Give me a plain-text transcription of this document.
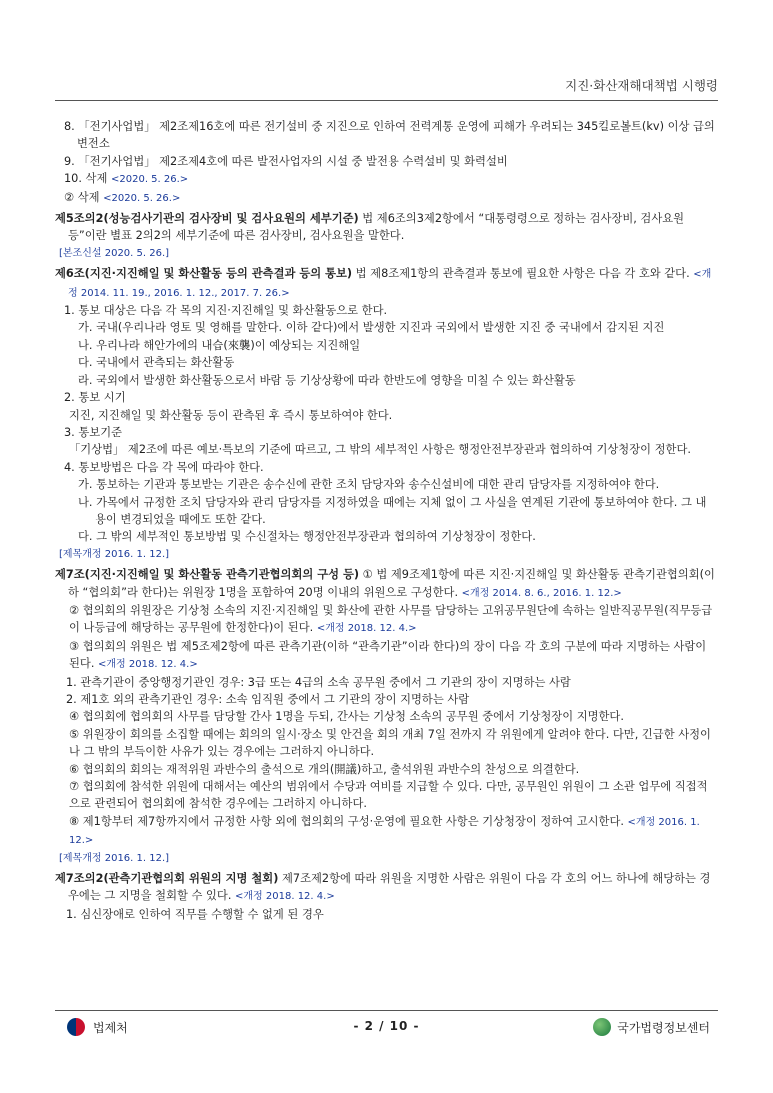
지진·화산재해대책법 시행령

8. 「전기사업법」 제2조제16호에 따른 전기설비 중 지진으로 인하여 전력계통 운영에 피해가 우려되는 345킬로볼트(kv) 이상 급의 변전소

9. 「전기사업법」 제2조제4호에 따른 발전사업자의 시설 중 발전용 수력설비 및 화력설비

10. 삭제 <2020. 5. 26.>

② 삭제 <2020. 5. 26.>

제5조의2(성능검사기관의 검사장비 및 검사요원의 세부기준) 법 제6조의3제2항에서 “대통령령으로 정하는 검사장비, 검사요원 등”이란 별표 2의2의 세부기준에 따른 검사장비, 검사요원을 말한다.

[본조신설 2020. 5. 26.]

제6조(지진·지진해일 및 화산활동 등의 관측결과 등의 통보) 법 제8조제1항의 관측결과 통보에 필요한 사항은 다음 각 호와 같다. <개정 2014. 11. 19., 2016. 1. 12., 2017. 7. 26.>

1. 통보 대상은 다음 각 목의 지진·지진해일 및 화산활동으로 한다.

가. 국내(우리나라 영토 및 영해를 말한다. 이하 같다)에서 발생한 지진과 국외에서 발생한 지진 중 국내에서 감지된 지진

나. 우리나라 해안가에의 내습(來襲)이 예상되는 지진해일

다. 국내에서 관측되는 화산활동

라. 국외에서 발생한 화산활동으로서 바람 등 기상상황에 따라 한반도에 영향을 미칠 수 있는 화산활동

2. 통보 시기

지진, 지진해일 및 화산활동 등이 관측된 후 즉시 통보하여야 한다.

3. 통보기준

「기상법」 제2조에 따른 예보·특보의 기준에 따르고, 그 밖의 세부적인 사항은 행정안전부장관과 협의하여 기상청장이 정한다.

4. 통보방법은 다음 각 목에 따라야 한다.

가. 통보하는 기관과 통보받는 기관은 송수신에 관한 조치 담당자와 송수신설비에 대한 관리 담당자를 지정하여야 한다.

나. 가목에서 규정한 조치 담당자와 관리 담당자를 지정하였을 때에는 지체 없이 그 사실을 연계된 기관에 통보하여야 한다. 그 내용이 변경되었을 때에도 또한 같다.

다. 그 밖의 세부적인 통보방법 및 수신절차는 행정안전부장관과 협의하여 기상청장이 정한다.

[제목개정 2016. 1. 12.]

제7조(지진·지진해일 및 화산활동 관측기관협의회의 구성 등) ① 법 제9조제1항에 따른 지진·지진해일 및 화산활동 관측기관협의회(이하 “협의회”라 한다)는 위원장 1명을 포함하여 20명 이내의 위원으로 구성한다. <개정 2014. 8. 6., 2016. 1. 12.>

② 협의회의 위원장은 기상청 소속의 지진·지진해일 및 화산에 관한 사무를 담당하는 고위공무원단에 속하는 일반직공무원(직무등급이 나등급에 해당하는 공무원에 한정한다)이 된다. <개정 2018. 12. 4.>

③ 협의회의 위원은 법 제5조제2항에 따른 관측기관(이하 “관측기관”이라 한다)의 장이 다음 각 호의 구분에 따라 지명하는 사람이 된다. <개정 2018. 12. 4.>

1. 관측기관이 중앙행정기관인 경우: 3급 또는 4급의 소속 공무원 중에서 그 기관의 장이 지명하는 사람

2. 제1호 외의 관측기관인 경우: 소속 임직원 중에서 그 기관의 장이 지명하는 사람

④ 협의회에 협의회의 사무를 담당할 간사 1명을 두되, 간사는 기상청 소속의 공무원 중에서 기상청장이 지명한다.

⑤ 위원장이 회의를 소집할 때에는 회의의 일시·장소 및 안건을 회의 개최 7일 전까지 각 위원에게 알려야 한다. 다만, 긴급한 사정이나 그 밖의 부득이한 사유가 있는 경우에는 그러하지 아니하다.

⑥ 협의회의 회의는 재적위원 과반수의 출석으로 개의(開議)하고, 출석위원 과반수의 찬성으로 의결한다.

⑦ 협의회에 참석한 위원에 대해서는 예산의 범위에서 수당과 여비를 지급할 수 있다. 다만, 공무원인 위원이 그 소관 업무에 직접적으로 관련되어 협의회에 참석한 경우에는 그러하지 아니하다.

⑧ 제1항부터 제7항까지에서 규정한 사항 외에 협의회의 구성·운영에 필요한 사항은 기상청장이 정하여 고시한다. <개정 2016. 1. 12.>

[제목개정 2016. 1. 12.]

제7조의2(관측기관협의회 위원의 지명 철회) 제7조제2항에 따라 위원을 지명한 사람은 위원이 다음 각 호의 어느 하나에 해당하는 경우에는 그 지명을 철회할 수 있다. <개정 2018. 12. 4.>

1. 심신장애로 인하여 직무를 수행할 수 없게 된 경우

법제처	- 2 / 10 -	국가법령정보센터
